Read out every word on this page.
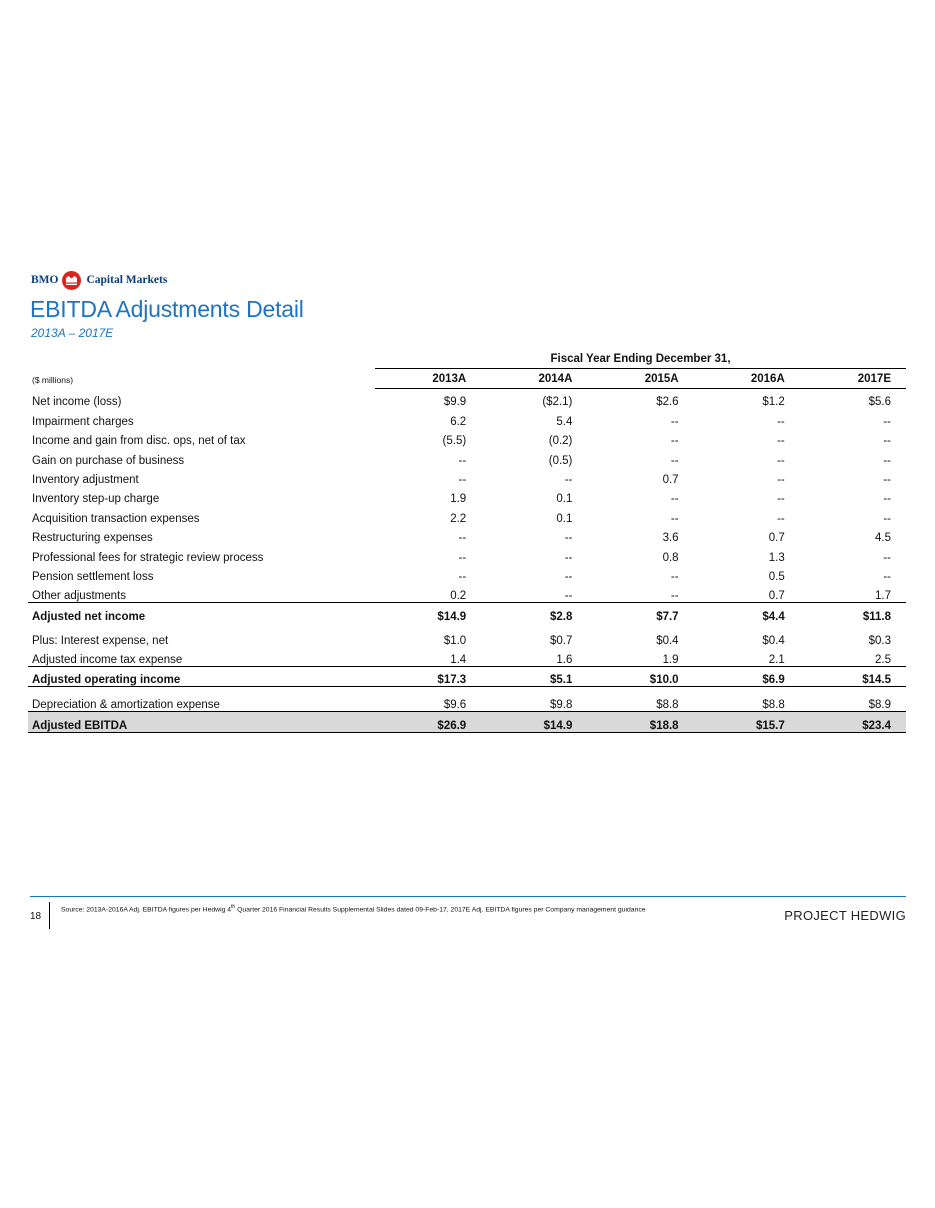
BMO Capital Markets
EBITDA Adjustments Detail
2013A – 2017E
Fiscal Year Ending December 31,
($ millions)
		2013A	2014A	2015A	2016A	2017E
Net income (loss)	$9.9	($2.1)	$2.6	$1.2	$5.6
Impairment charges	6.2	5.4	--	--	--
Income and gain from disc. ops, net of tax	(5.5)	(0.2)	--	--	--
Gain on purchase of business	--	(0.5)	--	--	--
Inventory adjustment	--	--	0.7	--	--
Inventory step-up charge	1.9	0.1	--	--	--
Acquisition transaction expenses	2.2	0.1	--	--	--
Restructuring expenses	--	--	3.6	0.7	4.5
Professional fees for strategic review process	--	--	0.8	1.3	--
Pension settlement loss	--	--	--	0.5	--
Other adjustments	0.2	--	--	0.7	1.7
Adjusted net income	$14.9	$2.8	$7.7	$4.4	$11.8
Plus: Interest expense, net	$1.0	$0.7	$0.4	$0.4	$0.3
Adjusted income tax expense	1.4	1.6	1.9	2.1	2.5
Adjusted operating income	$17.3	$5.1	$10.0	$6.9	$14.5
Depreciation & amortization expense	$9.6	$9.8	$8.8	$8.8	$8.9
Adjusted EBITDA	$26.9	$14.9	$18.8	$15.7	$23.4
18
Source: 2013A-2016A Adj. EBITDA figures per Hedwig 4th Quarter 2016 Financial Results Supplemental Slides dated 09-Feb-17, 2017E Adj. EBITDA figures per Company management guidance	PROJECT HEDWIG
